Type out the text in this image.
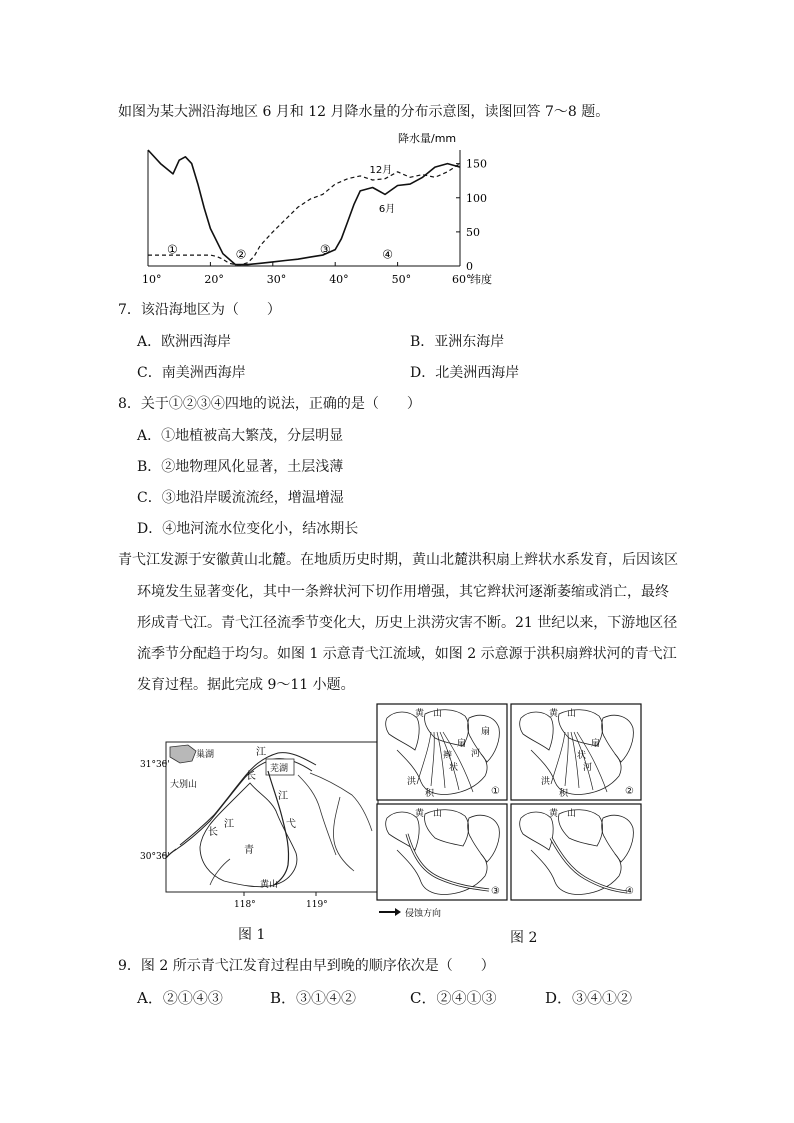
如图为某大洲沿海地区 6 月和 12 月降水量的分布示意图，读图回答 7～8 题。
10°	20°	30°	40°	50°	60°
0
50
100
150
降水量/mm
纬度
6月
12月
①	②	③	④
7．该沿海地区为（　　）
A．欧洲西海岸	B．亚洲东海岸
C．南美洲西海岸	D．北美洲西海岸
8．关于①②③④四地的说法，正确的是（　　）
A．①地植被高大繁茂，分层明显
B．②地物理风化显著，土层浅薄
C．③地沿岸暖流流经，增温增湿
D．④地河流水位变化小，结冰期长
青弋江发源于安徽黄山北麓。在地质历史时期，黄山北麓洪积扇上辫状水系发育，后因该区
环境发生显著变化，其中一条辫状河下切作用增强，其它辫状河逐渐萎缩或消亡，最终
形成青弋江。青弋江径流季节变化大，历史上洪涝灾害不断。21 世纪以来，下游地区径
流季节分配趋于均匀。如图 1 示意青弋江流域，如图 2 示意源于洪积扇辫状河的青弋江
发育过程。据此完成 9～11 小题。
31°30'
30°30'
118°	119°
巢湖
大别山
芜湖
黄山
江
长
江
长
青
弋
江
图 1
黄　山
①
洪
积
扇
辫
状
河
扇
黄　山
②
洪
积
扇
状
河
黄　山
③
黄　山
④
侵蚀方向
图 2
9．图 2 所示青弋江发育过程由早到晚的顺序依次是（　　）
A．②①④③	B．③①④②	C．②④①③	D．③④①②
